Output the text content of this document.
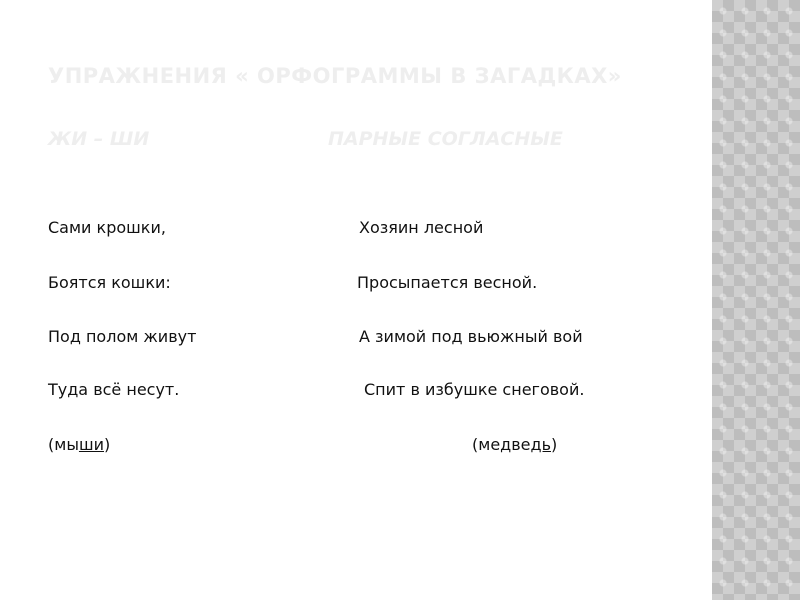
УПРАЖНЕНИЯ « ОРФОГРАММЫ В ЗАГАДКАХ»
ЖИ – ШИ	ПАРНЫЕ СОГЛАСНЫЕ
Сами крошки,
Боятся кошки:
Под полом живут
Туда всё несут.
(мыши)
Хозяин лесной
Просыпается весной.
А зимой под вьюжный вой
Спит в избушке снеговой.
(медведь)
